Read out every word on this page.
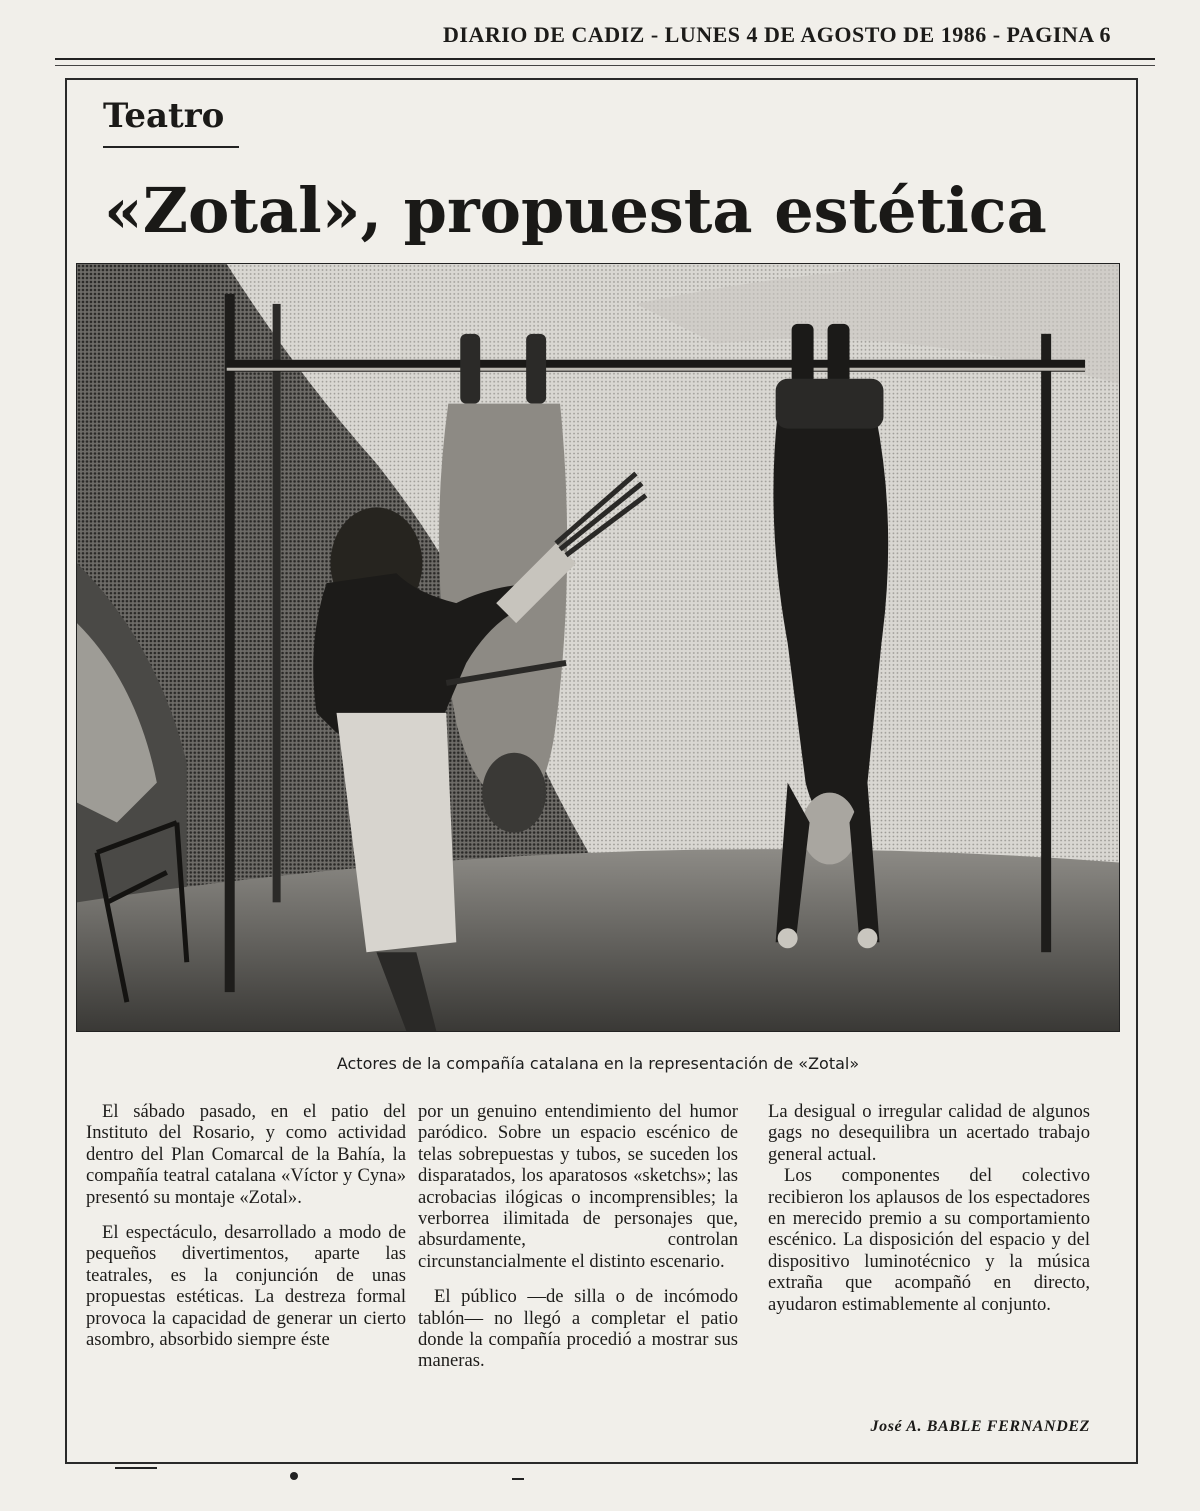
DIARIO DE CADIZ - LUNES 4 DE AGOSTO DE 1986 - PAGINA 6
Teatro
«Zotal», propuesta estética
Actores de la compañía catalana en la representación de «Zotal»

El sábado pasado, en el patio del Instituto del Rosario, y como actividad dentro del Plan Comarcal de la Bahía, la compañía teatral catalana «Víctor y Cyna» presentó su montaje «Zotal».

El espectáculo, desarrollado a modo de pequeños divertimentos, aparte las teatrales, es la conjunción de unas propuestas estéticas. La destreza formal provoca la capacidad de generar un cierto asombro, absorbido siempre éste

por un genuino entendimiento del humor paródico. Sobre un espacio escénico de telas sobrepuestas y tubos, se suceden los disparatados, los aparatosos «sketchs»; las acrobacias ilógicas o incomprensibles; la verborrea ilimitada de personajes que, absurdamente, controlan circunstancialmente el distinto escenario.

El público —de silla o de incómodo tablón— no llegó a completar el patio donde la compañía procedió a mostrar sus maneras.

La desigual o irregular calidad de algunos gags no desequilibra un acertado trabajo general actual.

Los componentes del colectivo recibieron los aplausos de los espectadores en merecido premio a su comportamiento escénico. La disposición del espacio y del dispositivo luminotécnico y la música extraña que acompañó en directo, ayudaron estimablemente al conjunto.

José A. BABLE FERNANDEZ
